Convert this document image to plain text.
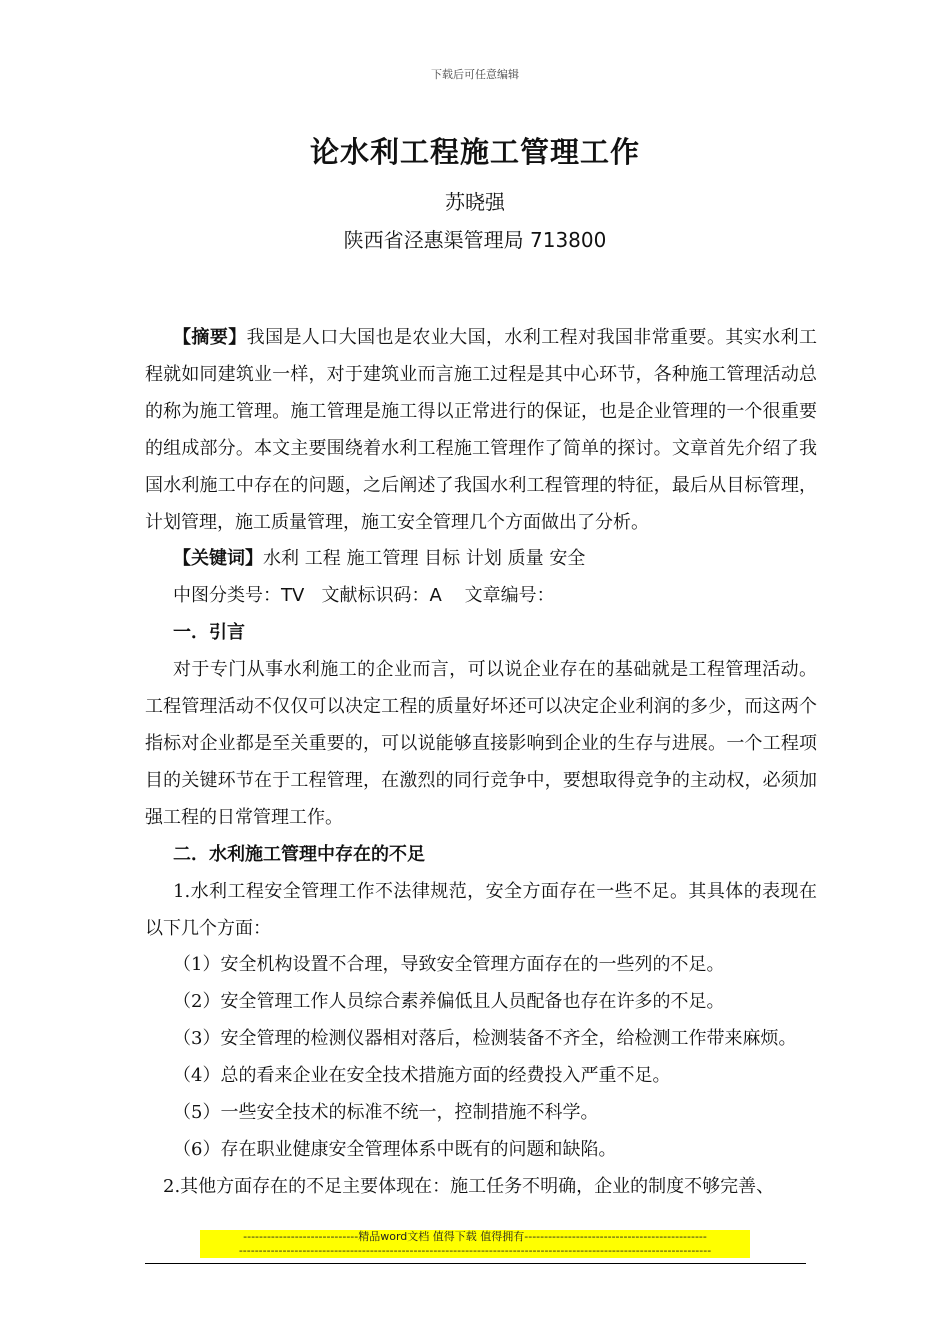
下载后可任意编辑
论水利工程施工管理工作
苏晓强
陕西省泾惠渠管理局 713800

【摘要】我国是人口大国也是农业大国，水利工程对我国非常重要。其实水利工程就如同建筑业一样，对于建筑业而言施工过程是其中心环节，各种施工管理活动总的称为施工管理。施工管理是施工得以正常进行的保证，也是企业管理的一个很重要的组成部分。本文主要围绕着水利工程施工管理作了简单的探讨。文章首先介绍了我国水利施工中存在的问题，之后阐述了我国水利工程管理的特征，最后从目标管理，计划管理，施工质量管理，施工安全管理几个方面做出了分析。

【关键词】水利 工程 施工管理 目标 计划 质量 安全

中图分类号：TV   文献标识码：A    文章编号：

一．引言

对于专门从事水利施工的企业而言，可以说企业存在的基础就是工程管理活动。工程管理活动不仅仅可以决定工程的质量好坏还可以决定企业利润的多少，而这两个指标对企业都是至关重要的，可以说能够直接影响到企业的生存与进展。一个工程项目的关键环节在于工程管理，在激烈的同行竞争中，要想取得竞争的主动权，必须加强工程的日常管理工作。

二．水利施工管理中存在的不足

1.水利工程安全管理工作不法律规范，安全方面存在一些不足。其具体的表现在以下几个方面：

（1）安全机构设置不合理，导致安全管理方面存在的一些列的不足。

（2）安全管理工作人员综合素养偏低且人员配备也存在许多的不足。

（3）安全管理的检测仪器相对落后，检测装备不齐全，给检测工作带来麻烦。

（4）总的看来企业在安全技术措施方面的经费投入严重不足。

（5）一些安全技术的标准不统一，控制措施不科学。

（6）存在职业健康安全管理体系中既有的问题和缺陷。

2.其他方面存在的不足主要体现在：施工任务不明确，企业的制度不够完善、

-----------------------------精品word文档 值得下载 值得拥有----------------------------------------------
-----------------------------------------------------------------------------------------------------------------------
